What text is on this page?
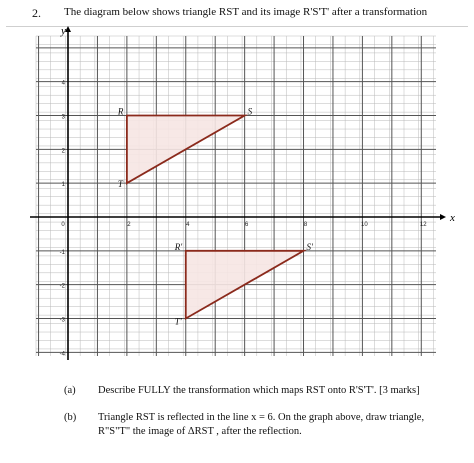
2. The diagram below shows triangle RST and its image R'S'T' after a transformation
x
y
0	2	4	6	8	10	12
4
3
2
1
-1
-2
-3
-4
R	S
T
R'	S'
T'
(a)	Describe FULLY the transformation which maps RST onto R'S'T'. [3 marks]
(b)	Triangle RST is reflected in the line x = 6. On the graph above, draw triangle,
R"S"T" the image of ΔRST , after the reflection.
